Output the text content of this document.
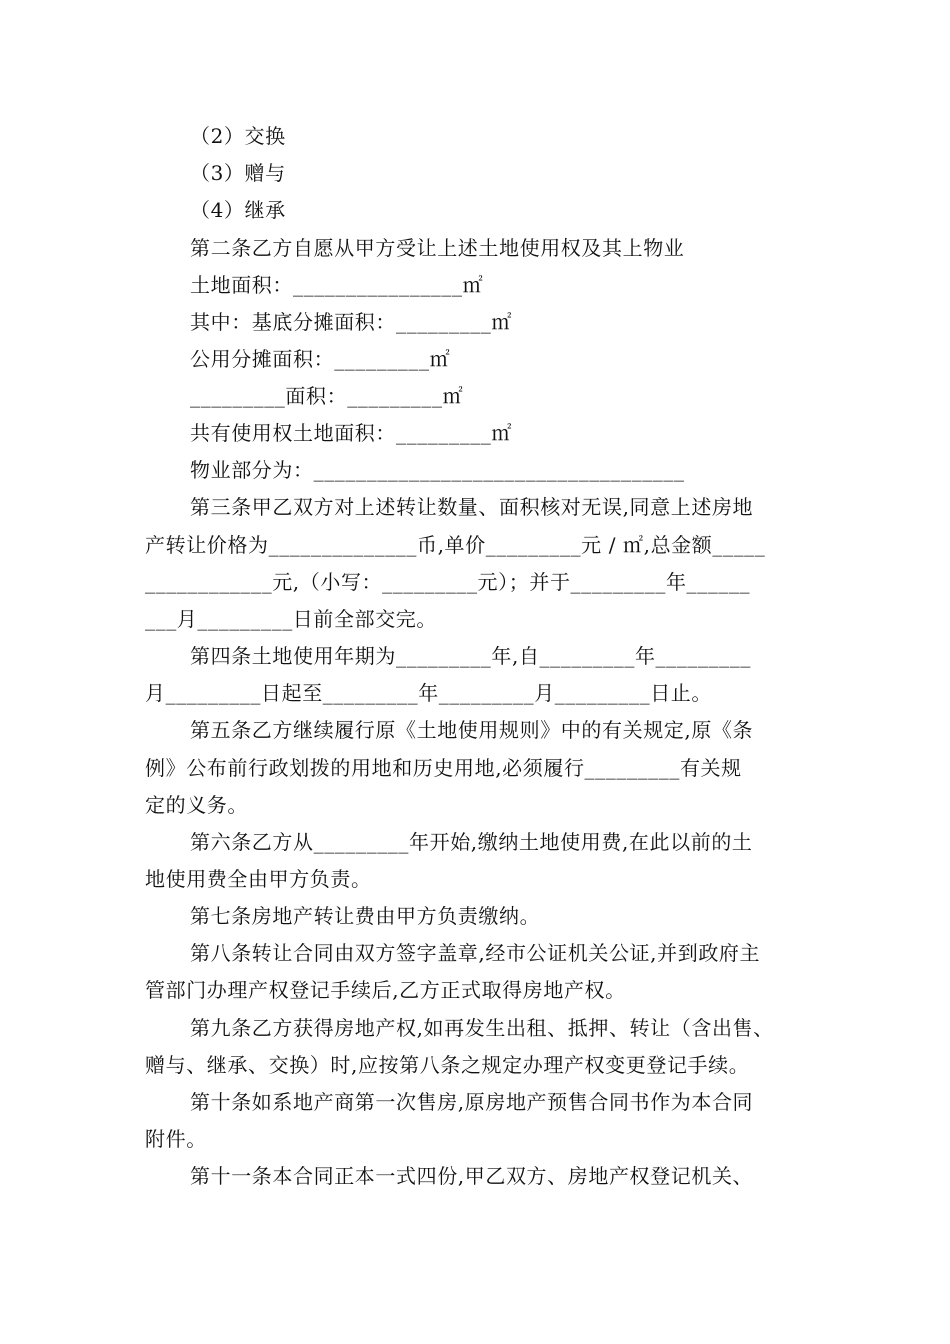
（2）交换
（3）赠与
（4）继承
第二条乙方自愿从甲方受让上述土地使用权及其上物业
土地面积：________________㎡
其中：基底分摊面积：_________㎡
公用分摊面积：_________㎡
_________面积：_________㎡
共有使用权土地面积：_________㎡
物业部分为：___________________________________
第三条甲乙双方对上述转让数量、面积核对无误,同意上述房地
产转让价格为______________币,单价_________元 / ㎡,总金额_____
____________元,（小写：_________元）；并于_________年______
___月_________日前全部交完。
第四条土地使用年期为_________年,自_________年_________
月_________日起至_________年_________月_________日止。
第五条乙方继续履行原《土地使用规则》中的有关规定,原《条
例》公布前行政划拨的用地和历史用地,必须履行_________有关规
定的义务。
第六条乙方从_________年开始,缴纳土地使用费,在此以前的土
地使用费全由甲方负责。
第七条房地产转让费由甲方负责缴纳。
第八条转让合同由双方签字盖章,经市公证机关公证,并到政府主
管部门办理产权登记手续后,乙方正式取得房地产权。
第九条乙方获得房地产权,如再发生出租、抵押、转让（含出售、
赠与、继承、交换）时,应按第八条之规定办理产权变更登记手续。
第十条如系地产商第一次售房,原房地产预售合同书作为本合同
附件。
第十一条本合同正本一式四份,甲乙双方、房地产权登记机关、
